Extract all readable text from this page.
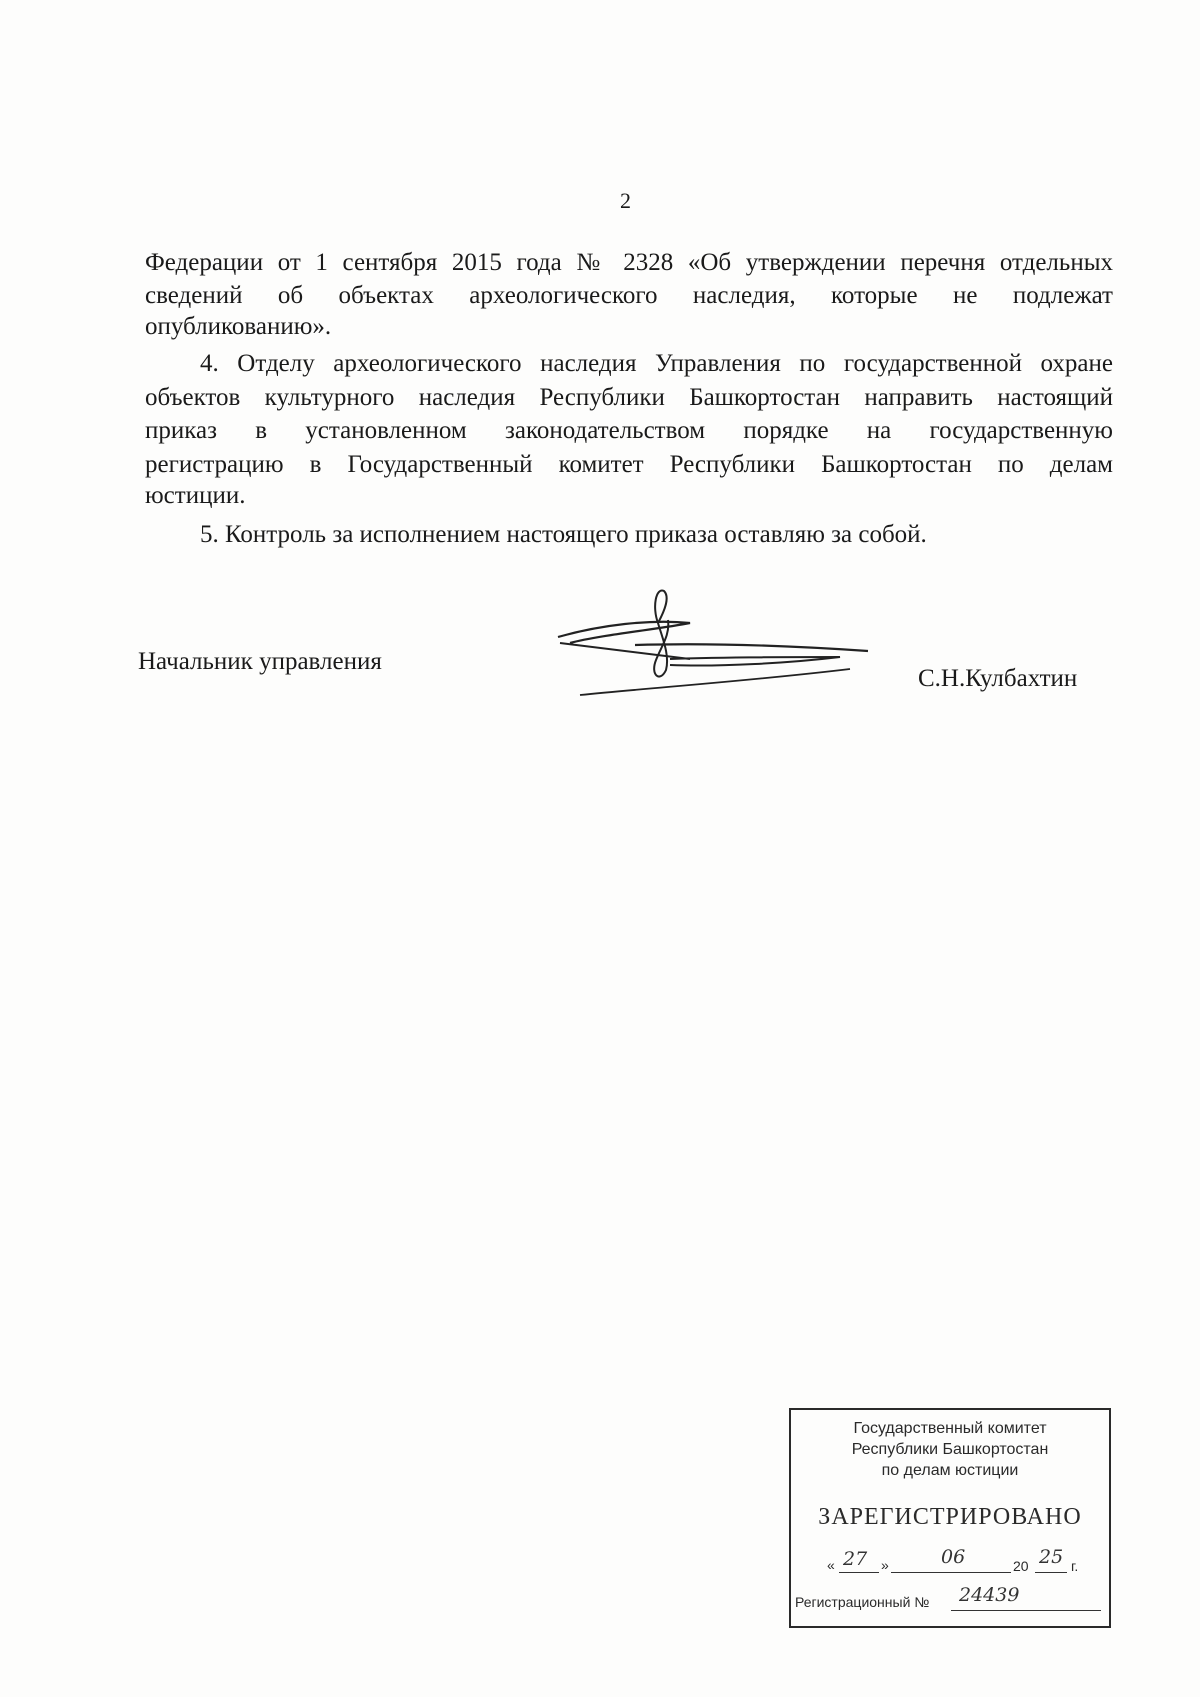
2
Федерации от 1 сентября 2015 года № 2328 «Об утверждении перечня отдельных
сведений об объектах археологического наследия, которые не подлежат
опубликованию».
4. Отделу археологического наследия Управления по государственной охране
объектов культурного наследия Республики Башкортостан направить настоящий
приказ в установленном законодательством порядке на государственную
регистрацию в Государственный комитет Республики Башкортостан по делам
юстиции.
5. Контроль за исполнением настоящего приказа оставляю за собой.
Начальник управления
С.Н.Кулбахтин
Государственный комитет
Республики Башкортостан
по делам юстиции
ЗАРЕГИСТРИРОВАНО
« 27 »	06	20 25 г.
Регистрационный № 24439
